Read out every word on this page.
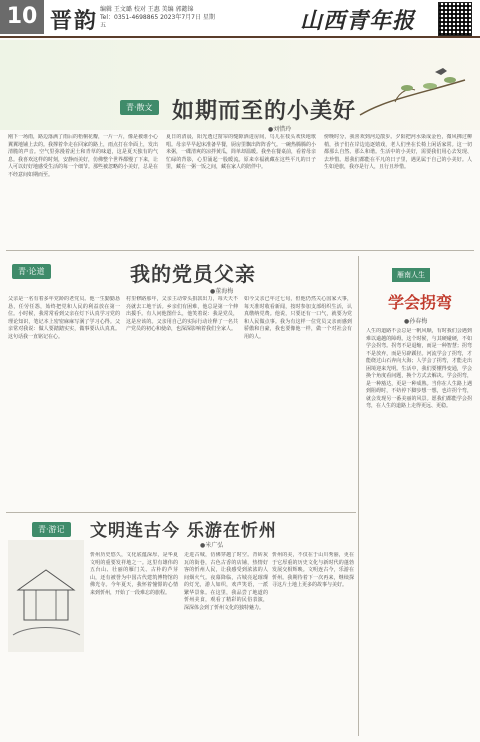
10 晋韵 编辑 王文璐 校对 王惠 美编 郭懿锦
Tel：0351-4698865 2023年7月7日 星期五	山西青年报
青·散文 如期而至的小美好
●刘惜玲
刚下一场雨，路边落满了雨后的梧桐花瓣，一片一片，像是被谁小心翼翼地铺上去的。我撑着伞走在回家的路上，雨点打在伞面上，发出清脆的声音。空气里弥漫着泥土和青草的味道，这是夏天独有的气息。我喜欢这样的时刻，安静而美好，仿佛整个世界都慢了下来，让人可以好好地感受生活的每一个细节。那些被忽略的小美好，总是在不经意间如期而至。
夏日的清晨，阳光透过窗帘的缝隙洒进房间，鸟儿在枝头欢快地歌唱。母亲早早起床准备早餐，厨房里飘出阵阵香气。一碗热腾腾的小米粥，一碟清爽的凉拌黄瓜，简单却温暖。我坐在餐桌前，看着母亲忙碌的背影，心里涌起一股暖流。原来幸福就藏在这些平凡的日子里，藏在一粥一饭之间，藏在家人的陪伴中。
傍晚时分，我喜欢到河边散步。夕阳把河水染成金色，微风拂过柳梢，孩子们在岸边追逐嬉戏，老人们坐在长椅上闲话家常。这一切都那么自然、那么和谐。生活中的小美好，需要我们用心去发现、去珍惜。愿我们都能在平凡的日子里，遇见属于自己的小美好。人生如逆旅，我亦是行人，且行且珍惜。
青·论道	我的党员父亲
●董海梅
父亲是一名有着多年党龄的老党员。他一生勤勤恳恳，任劳任怨，始终把党和人民的利益放在第一位。小时候，我常常看到父亲在灯下认真学习党的理论知识，笔记本上密密麻麻写满了学习心得。父亲常对我说：做人要踏踏实实，做事要认认真真。这句话我一直铭记在心。
村里修路那年，父亲主动带头捐款出力，每天天不亮就去工地干活。乡亲们有困难，他总是第一个伸出援手。有人问他图什么，他笑着说：我是党员，这是应该的。父亲用自己的实际行动诠释了一名共产党员的初心和使命，也深深影响着我们全家人。
如今父亲已年过七旬，但他仍然关心国家大事，每天准时收看新闻，按时参加支部组织生活，认真缴纳党费。他说，只要还有一口气，就要为党和人民做点事。我为有这样一位党员父亲而感到骄傲和自豪，我也要像他一样，做一个对社会有用的人。
雁南人生
学会拐弯
●孙春梅
人生的道路不会总是一帆风顺，有时我们会遇到难以逾越的障碍。这个时候，与其硬碰硬，不如学会拐弯。拐弯不是退缩，而是一种智慧；拐弯不是放弃，而是另辟蹊径。河流学会了拐弯，才能绕过山石奔向大海；人学会了拐弯，才能走出困境迎来光明。生活中，我们要懂得变通，学会换个角度看问题，换个方式去解决。学会拐弯，是一种豁达，更是一种成熟。当你在人生路上遇到阻碍时，不妨停下脚步想一想，也许拐个弯，就会发现另一番美丽的风景。愿我们都能学会拐弯，在人生的道路上走得更远、更稳。
青·游记	文明连古今 乐游在忻州
●米广弘
忻州历史悠久，文化底蕴深厚，是华夏文明的重要发祥地之一。这里有雄伟的五台山、壮丽的雁门关、古朴的芦芽山，还有被誉为中国古代建筑博物馆的佛光寺。今年夏天，我怀着憧憬的心情来到忻州，开始了一段难忘的旅程。
走进古城，仿佛穿越了时空。青砖灰瓦的街巷，古色古香的店铺，热情好客的忻州人民，让我感受到浓浓的人间烟火气。夜幕降临，古城亮起璀璨的灯光，游人如织，欢声笑语，一派繁华景象。在这里，我品尝了地道的忻州美食，观看了精彩的民俗表演，深深体会到了忻州文化的独特魅力。
忻州的美，不仅在于山川秀丽，更在于它厚重的历史文化与新时代的蓬勃发展交相辉映。文明连古今，乐游在忻州。我期待着下一次再来，继续探寻这片土地上更多的故事与美好。
